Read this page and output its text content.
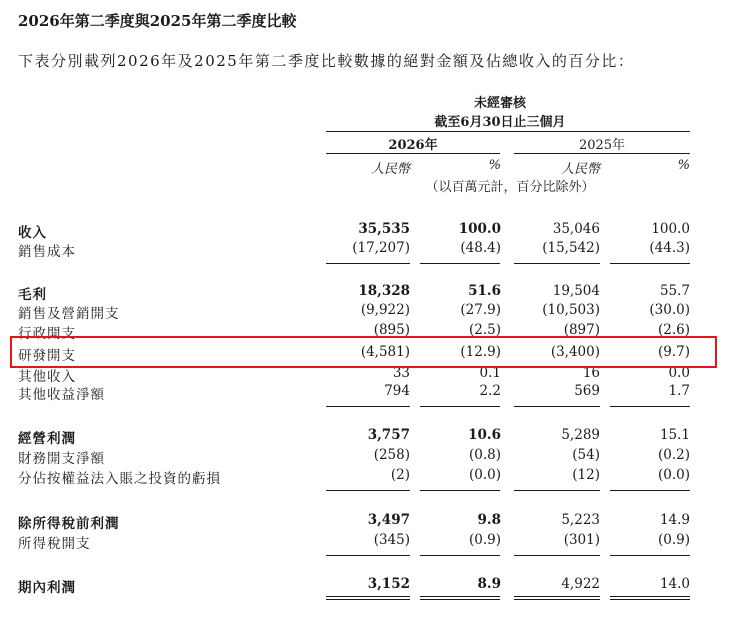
2026年第二季度與2025年第二季度比較
下表分別載列2026年及2025年第二季度比較數據的絕對金額及佔總收入的百分比：
未經審核
截至6月30日止三個月
2026年	2025年
人民幣	%	人民幣	%
（以百萬元計，百分比除外）
收入	35,535	100.0	35,046	100.0
銷售成本	(17,207)	(48.4)	(15,542)	(44.3)
毛利	18,328	51.6	19,504	55.7
銷售及營銷開支	(9,922)	(27.9)	(10,503)	(30.0)
行政開支	(895)	(2.5)	(897)	(2.6)
研發開支	(4,581)	(12.9)	(3,400)	(9.7)
其他收入	33	0.1	16	0.0
其他收益淨額	794	2.2	569	1.7
經營利潤	3,757	10.6	5,289	15.1
財務開支淨額	(258)	(0.8)	(54)	(0.2)
分佔按權益法入賬之投資的虧損	(2)	(0.0)	(12)	(0.0)
除所得稅前利潤	3,497	9.8	5,223	14.9
所得稅開支	(345)	(0.9)	(301)	(0.9)
期內利潤	3,152	8.9	4,922	14.0
